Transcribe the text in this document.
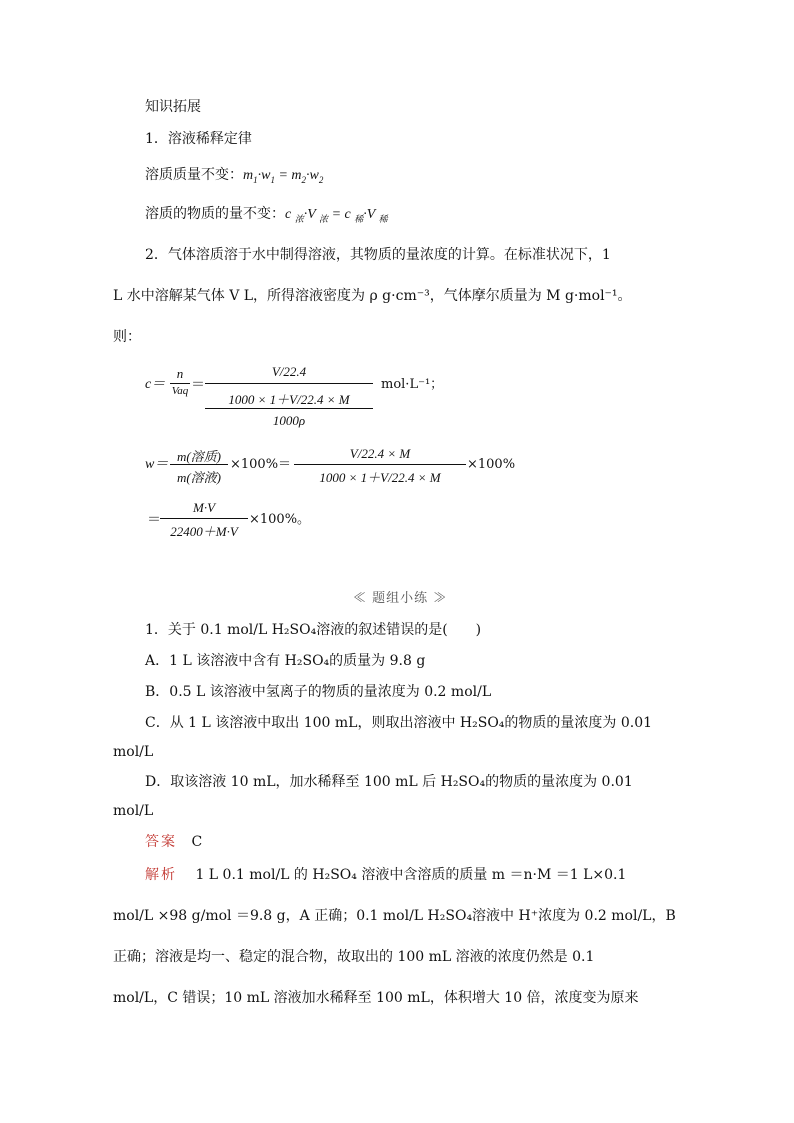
知识拓展
1．溶液稀释定律
溶质质量不变：$m_1\cdot w_1 = m_2\cdot w_2$
溶质的物质的量不变：c $_浓$·V $_浓$ = c $_稀$·V $_稀$
2．气体溶质溶于水中制得溶液，其物质的量浓度的计算。在标准状况下，1
L 水中溶解某气体 V L，所得溶液密度为 ρ g·cm⁻³，气体摩尔质量为 M g·mol⁻¹。
则：
c＝
n
Vaq ＝
V/22.4
1000 × 1＋V/22.4 × M
1000ρ
mol·L⁻¹；
w＝
m(溶质)
m(溶液)
×100%＝
V/22.4 × M
1000 × 1＋V/22.4 × M
×100%
＝
M·V
22400＋M·V
×100%。
≪ 题组小练 ≫
1．关于 0.1 mol/L H₂SO₄溶液的叙述错误的是(　　)
A．1 L 该溶液中含有 H₂SO₄的质量为 9.8 g
B．0.5 L 该溶液中氢离子的物质的量浓度为 0.2 mol/L
C．从 1 L 该溶液中取出 100 mL，则取出溶液中 H₂SO₄的物质的量浓度为 0.01
mol/L
D．取该溶液 10 mL，加水稀释至 100 mL 后 H₂SO₄的物质的量浓度为 0.01
mol/L
答案 C
解析 1 L 0.1 mol/L 的 H₂SO₄ 溶液中含溶质的质量 m ＝n·M ＝1 L×0.1
mol/L ×98 g/mol ＝9.8 g，A 正确；0.1 mol/L H₂SO₄溶液中 H⁺浓度为 0.2 mol/L，B
正确；溶液是均一、稳定的混合物，故取出的 100 mL 溶液的浓度仍然是 0.1
mol/L，C 错误；10 mL 溶液加水稀释至 100 mL，体积增大 10 倍，浓度变为原来
